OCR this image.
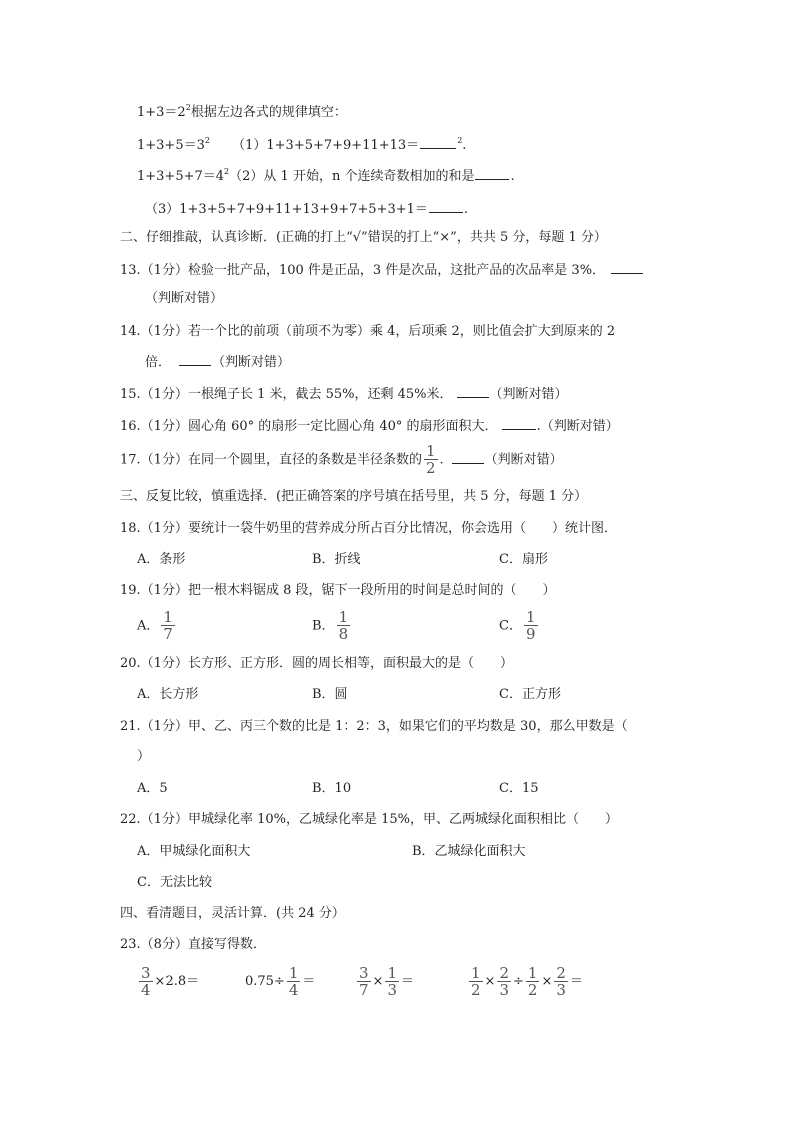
$1+3=2^2$根据左边各式的规律填空：
$1+3+5=3^2$ （1）1+3+5+7+9+11+13＝	$^2$.
$1+3+5+7=4^2(2)$从 1 开始，n 个连续奇数相加的和是	.
（3）1+3+5+7+9+11+13+9+7+5+3+1＝	.
二、仔细推敲，认真诊断．(正确的打上“√”错误的打上“×”，共共 5 分，每题 1 分）
13.（1分）检验一批产品，100 件是正品，3 件是次品，这批产品的次品率是 3%．
（判断对错）
14.（1分）若一个比的前项（前项不为零）乘 4，后项乘 2，则比值会扩大到原来的 2
倍．	（判断对错）
15.（1分）一根绳子长 1 米，截去 55%，还剩 45%米．	（判断对错）
16.（1分）圆心角 60° 的扇形一定比圆心角 40° 的扇形面积大．	.（判断对错）
17.（1分）在同一个圆里，直径的条数是半径条数的 $\frac{1}{2}$ .	（判断对错）
三、反复比较，慎重选择．(把正确答案的序号填在括号里，共 5 分，每题 1 分）
18.（1分）要统计一袋牛奶里的营养成分所占百分比情况，你会选用（　　）统计图．
A．条形	B．折线	C．扇形
19.（1分）把一根木料锯成 8 段，锯下一段所用的时间是总时间的（　　）
A． $\frac{1}{7}$	B． $\frac{1}{8}$	C． $\frac{1}{9}$
20.（1分）长方形、正方形．圆的周长相等，面积最大的是（　　）
A．长方形	B．圆	C．正方形
21.（1分）甲、乙、丙三个数的比是 1：2：3，如果它们的平均数是 30，那么甲数是（
）
A．5	B．10	C．15
22.（1分）甲城绿化率 10%，乙城绿化率是 15%，甲、乙两城绿化面积相比（　　）
A．甲城绿化面积大	B．乙城绿化面积大
C．无法比较
四、看清题目，灵活计算．(共 24 分）
23.（8分）直接写得数．
$\frac{3}{4} \times 2.8=$	$0.75\div \frac{1}{4}$ ＝	$\frac{3}{7} \times \frac{1}{3}$ ＝	$\frac{1}{2} \times \frac{2}{3} \div \frac{1}{2} \times \frac{2}{3}$ ＝
